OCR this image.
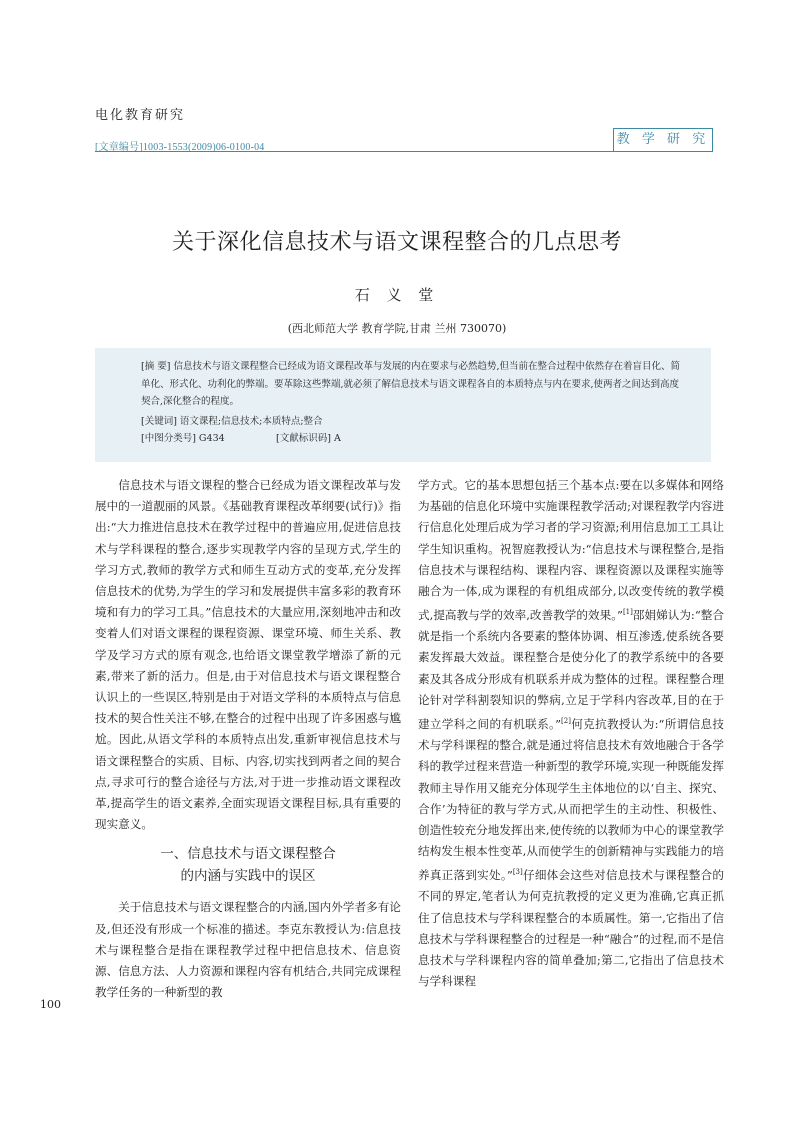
电化教育研究
[文章编号]1003-1553(2009)06-0100-04
教 学 研 究
关于深化信息技术与语文课程整合的几点思考
石 义 堂
(西北师范大学 教育学院,甘肃 兰州 730070)

[摘 要] 信息技术与语文课程整合已经成为语文课程改革与发展的内在要求与必然趋势,但当前在整合过程中依然存在着盲目化、简单化、形式化、功利化的弊端。要革除这些弊端,就必须了解信息技术与语文课程各自的本质特点与内在要求,使两者之间达到高度契合,深化整合的程度。

[关键词] 语文课程;信息技术;本质特点;整合

[中图分类号] G434	[文献标识码] A

信息技术与语文课程的整合已经成为语文课程改革与发展中的一道靓丽的风景。《基础教育课程改革纲要(试行)》指出:“大力推进信息技术在教学过程中的普遍应用,促进信息技术与学科课程的整合,逐步实现教学内容的呈现方式,学生的学习方式,教师的教学方式和师生互动方式的变革,充分发挥信息技术的优势,为学生的学习和发展提供丰富多彩的教育环境和有力的学习工具。”信息技术的大量应用,深刻地冲击和改变着人们对语文课程的课程资源、课堂环境、师生关系、教学及学习方式的原有观念,也给语文课堂教学增添了新的元素,带来了新的活力。但是,由于对信息技术与语文课程整合认识上的一些误区,特别是由于对语文学科的本质特点与信息技术的契合性关注不够,在整合的过程中出现了许多困惑与尴尬。因此,从语文学科的本质特点出发,重新审视信息技术与语文课程整合的实质、目标、内容,切实找到两者之间的契合点,寻求可行的整合途径与方法,对于进一步推动语文课程改革,提高学生的语文素养,全面实现语文课程目标,具有重要的现实意义。

一、信息技术与语文课程整合
的内涵与实践中的误区

关于信息技术与语文课程整合的内涵,国内外学者多有论及,但还没有形成一个标准的描述。李克东教授认为:信息技术与课程整合是指在课程教学过程中把信息技术、信息资源、信息方法、人力资源和课程内容有机结合,共同完成课程教学任务的一种新型的教

学方式。它的基本思想包括三个基本点:要在以多媒体和网络为基础的信息化环境中实施课程教学活动;对课程教学内容进行信息化处理后成为学习者的学习资源;利用信息加工工具让学生知识重构。祝智庭教授认为:“信息技术与课程整合,是指信息技术与课程结构、课程内容、课程资源以及课程实施等融合为一体,成为课程的有机组成部分,以改变传统的教学模式,提高教与学的效率,改善教学的效果。”[1]邵娟娣认为:“整合就是指一个系统内各要素的整体协调、相互渗透,使系统各要素发挥最大效益。课程整合是使分化了的教学系统中的各要素及其各成分形成有机联系并成为整体的过程。课程整合理论针对学科割裂知识的弊病,立足于学科内容改革,目的在于建立学科之间的有机联系。”[2]何克抗教授认为:“所谓信息技术与学科课程的整合,就是通过将信息技术有效地融合于各学科的教学过程来营造一种新型的教学环境,实现一种既能发挥教师主导作用又能充分体现学生主体地位的以‘自主、探究、合作’为特征的教与学方式,从而把学生的主动性、积极性、创造性较充分地发挥出来,使传统的以教师为中心的课堂教学结构发生根本性变革,从而使学生的创新精神与实践能力的培养真正落到实处。”[3]仔细体会这些对信息技术与课程整合的不同的界定,笔者认为何克抗教授的定义更为准确,它真正抓住了信息技术与学科课程整合的本质属性。第一,它指出了信息技术与学科课程整合的过程是一种“融合”的过程,而不是信息技术与学科课程内容的简单叠加;第二,它指出了信息技术与学科课程

100
